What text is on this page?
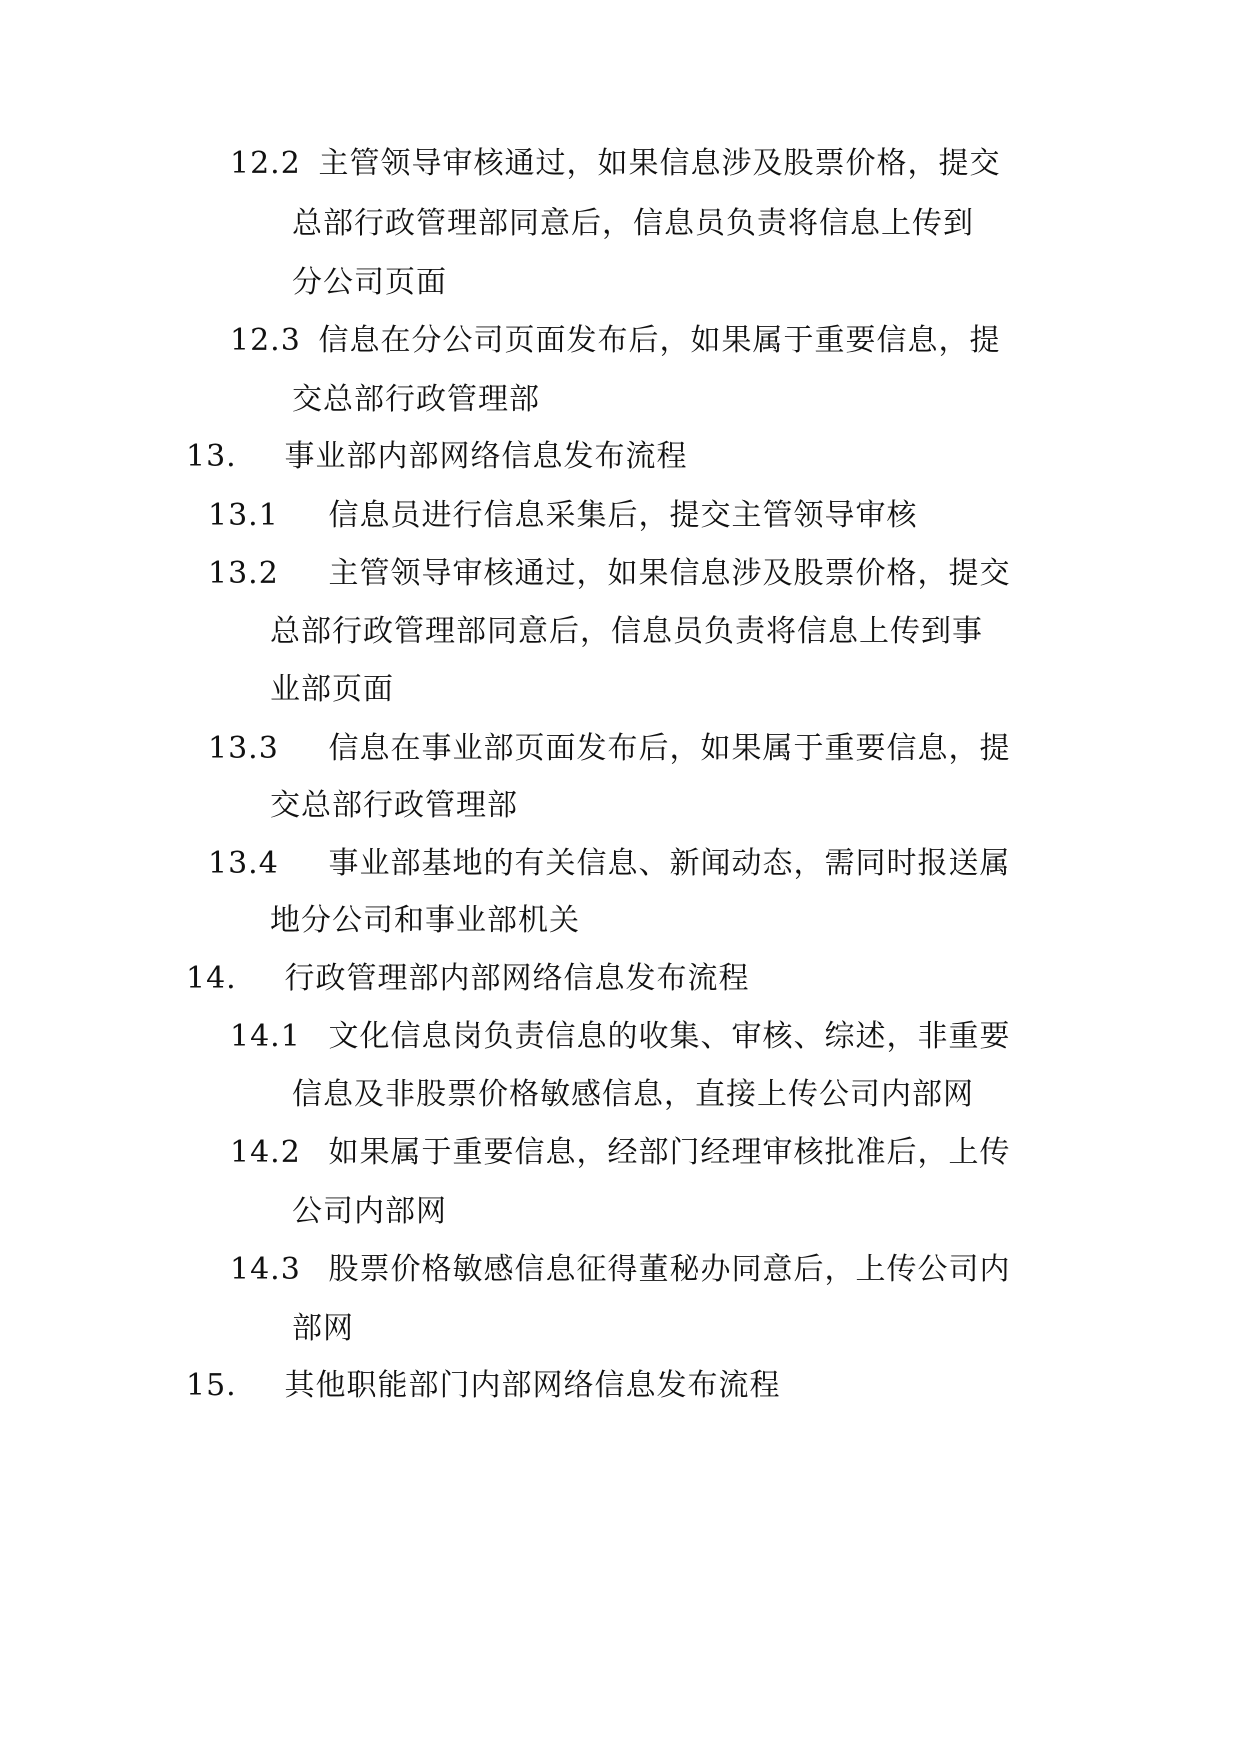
12.2 主管领导审核通过，如果信息涉及股票价格，提交
总部行政管理部同意后，信息员负责将信息上传到
分公司页面
12.3 信息在分公司页面发布后，如果属于重要信息，提
交总部行政管理部
13. 事业部内部网络信息发布流程
13.1 信息员进行信息采集后，提交主管领导审核
13.2 主管领导审核通过，如果信息涉及股票价格，提交
总部行政管理部同意后，信息员负责将信息上传到事
业部页面
13.3 信息在事业部页面发布后，如果属于重要信息，提
交总部行政管理部
13.4 事业部基地的有关信息、新闻动态，需同时报送属
地分公司和事业部机关
14. 行政管理部内部网络信息发布流程
14.1 文化信息岗负责信息的收集、审核、综述，非重要
信息及非股票价格敏感信息，直接上传公司内部网
14.2 如果属于重要信息，经部门经理审核批准后，上传
公司内部网
14.3 股票价格敏感信息征得董秘办同意后，上传公司内
部网
15. 其他职能部门内部网络信息发布流程
